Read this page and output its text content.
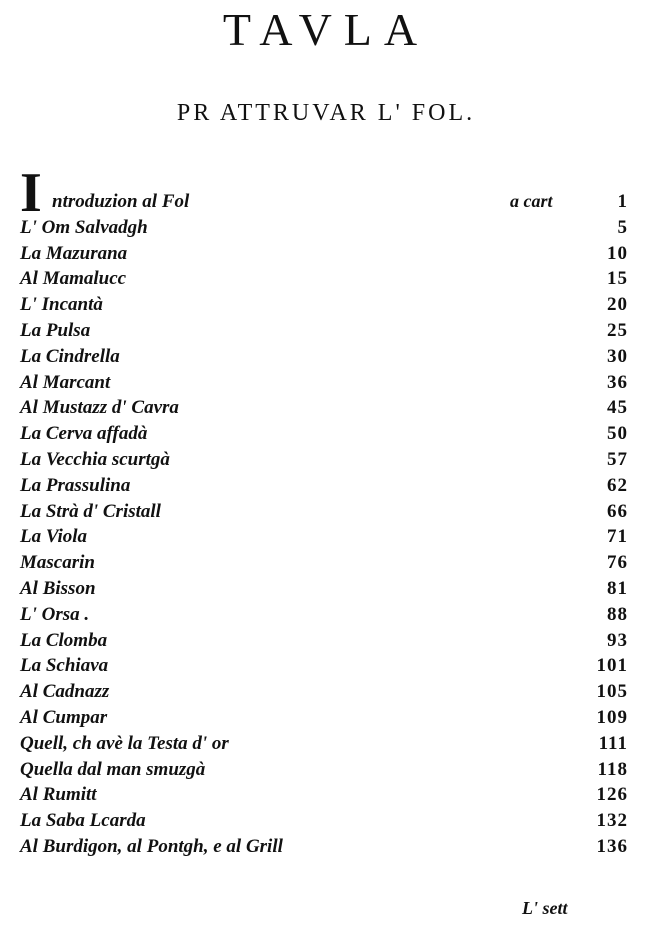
TAVLA
PR ATTRUVAR L' FOL.
I ntroduzion al Fol	a cart	1
L' Om Salvadgh	5
La Mazurana	10
Al Mamalucc	15
L' Incantà	20
La Pulsa	25
La Cindrella	30
Al Marcant	36
Al Mustazz d' Cavra	45
La Cerva affadà	50
La Vecchia scurtgà	57
La Prassulina	62
La Strà d' Cristall	66
La Viola	71
Mascarin	76
Al Bisson	81
L' Orsa .	88
La Clomba	93
La Schiava	101
Al Cadnazz	105
Al Cumpar	109
Quell, ch avè la Testa d' or	111
Quella dal man smuzgà	118
Al Rumitt	126
La Saba Lcarda	132
Al Burdigon, al Pontgh, e al Grill	136
L' sett
